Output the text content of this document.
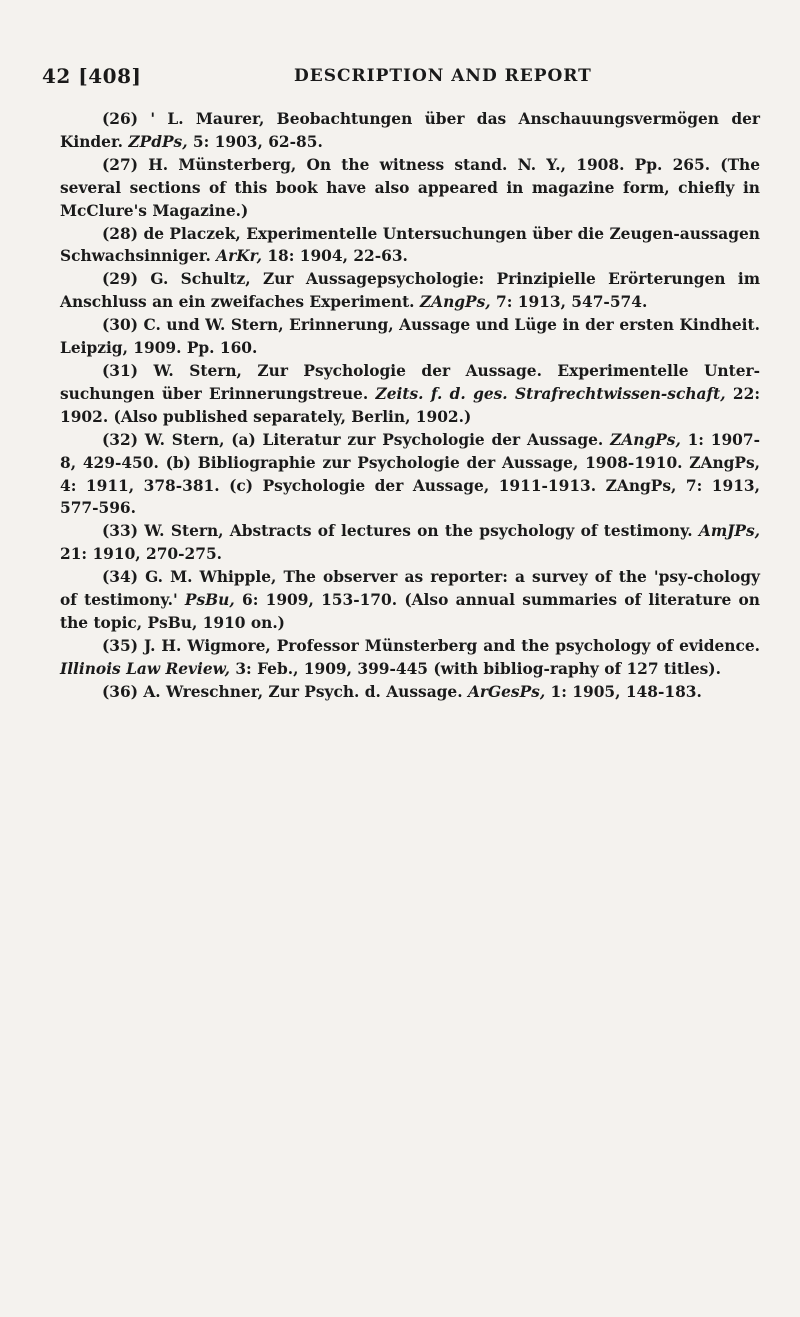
42 [408]	DESCRIPTION AND REPORT

(26) ' L. Maurer, Beobachtungen über das Anschauungsvermögen der Kinder. ZPdPs, 5: 1903, 62-85.

(27) H. Münsterberg, On the witness stand. N. Y., 1908. Pp. 265. (The several sections of this book have also appeared in magazine form, chiefly in McClure's Magazine.)

(28) de Placzek, Experimentelle Untersuchungen über die Zeugen-aussagen Schwachsinniger. ArKr, 18: 1904, 22-63.

(29) G. Schultz, Zur Aussagepsychologie: Prinzipielle Erörterungen im Anschluss an ein zweifaches Experiment. ZAngPs, 7: 1913, 547-574.

(30) C. und W. Stern, Erinnerung, Aussage und Lüge in der ersten Kindheit. Leipzig, 1909. Pp. 160.

(31) W. Stern, Zur Psychologie der Aussage. Experimentelle Unter-suchungen über Erinnerungstreue. Zeits. f. d. ges. Strafrechtwissen-schaft, 22: 1902. (Also published separately, Berlin, 1902.)

(32) W. Stern, (a) Literatur zur Psychologie der Aussage. ZAngPs, 1: 1907-8, 429-450. (b) Bibliographie zur Psychologie der Aussage, 1908-1910. ZAngPs, 4: 1911, 378-381. (c) Psychologie der Aussage, 1911-1913. ZAngPs, 7: 1913, 577-596.

(33) W. Stern, Abstracts of lectures on the psychology of testimony. AmJPs, 21: 1910, 270-275.

(34) G. M. Whipple, The observer as reporter: a survey of the 'psy-chology of testimony.' PsBu, 6: 1909, 153-170. (Also annual summaries of literature on the topic, PsBu, 1910 on.)

(35) J. H. Wigmore, Professor Münsterberg and the psychology of evidence. Illinois Law Review, 3: Feb., 1909, 399-445 (with bibliog-raphy of 127 titles).

(36) A. Wreschner, Zur Psych. d. Aussage. ArGesPs, 1: 1905, 148-183.
